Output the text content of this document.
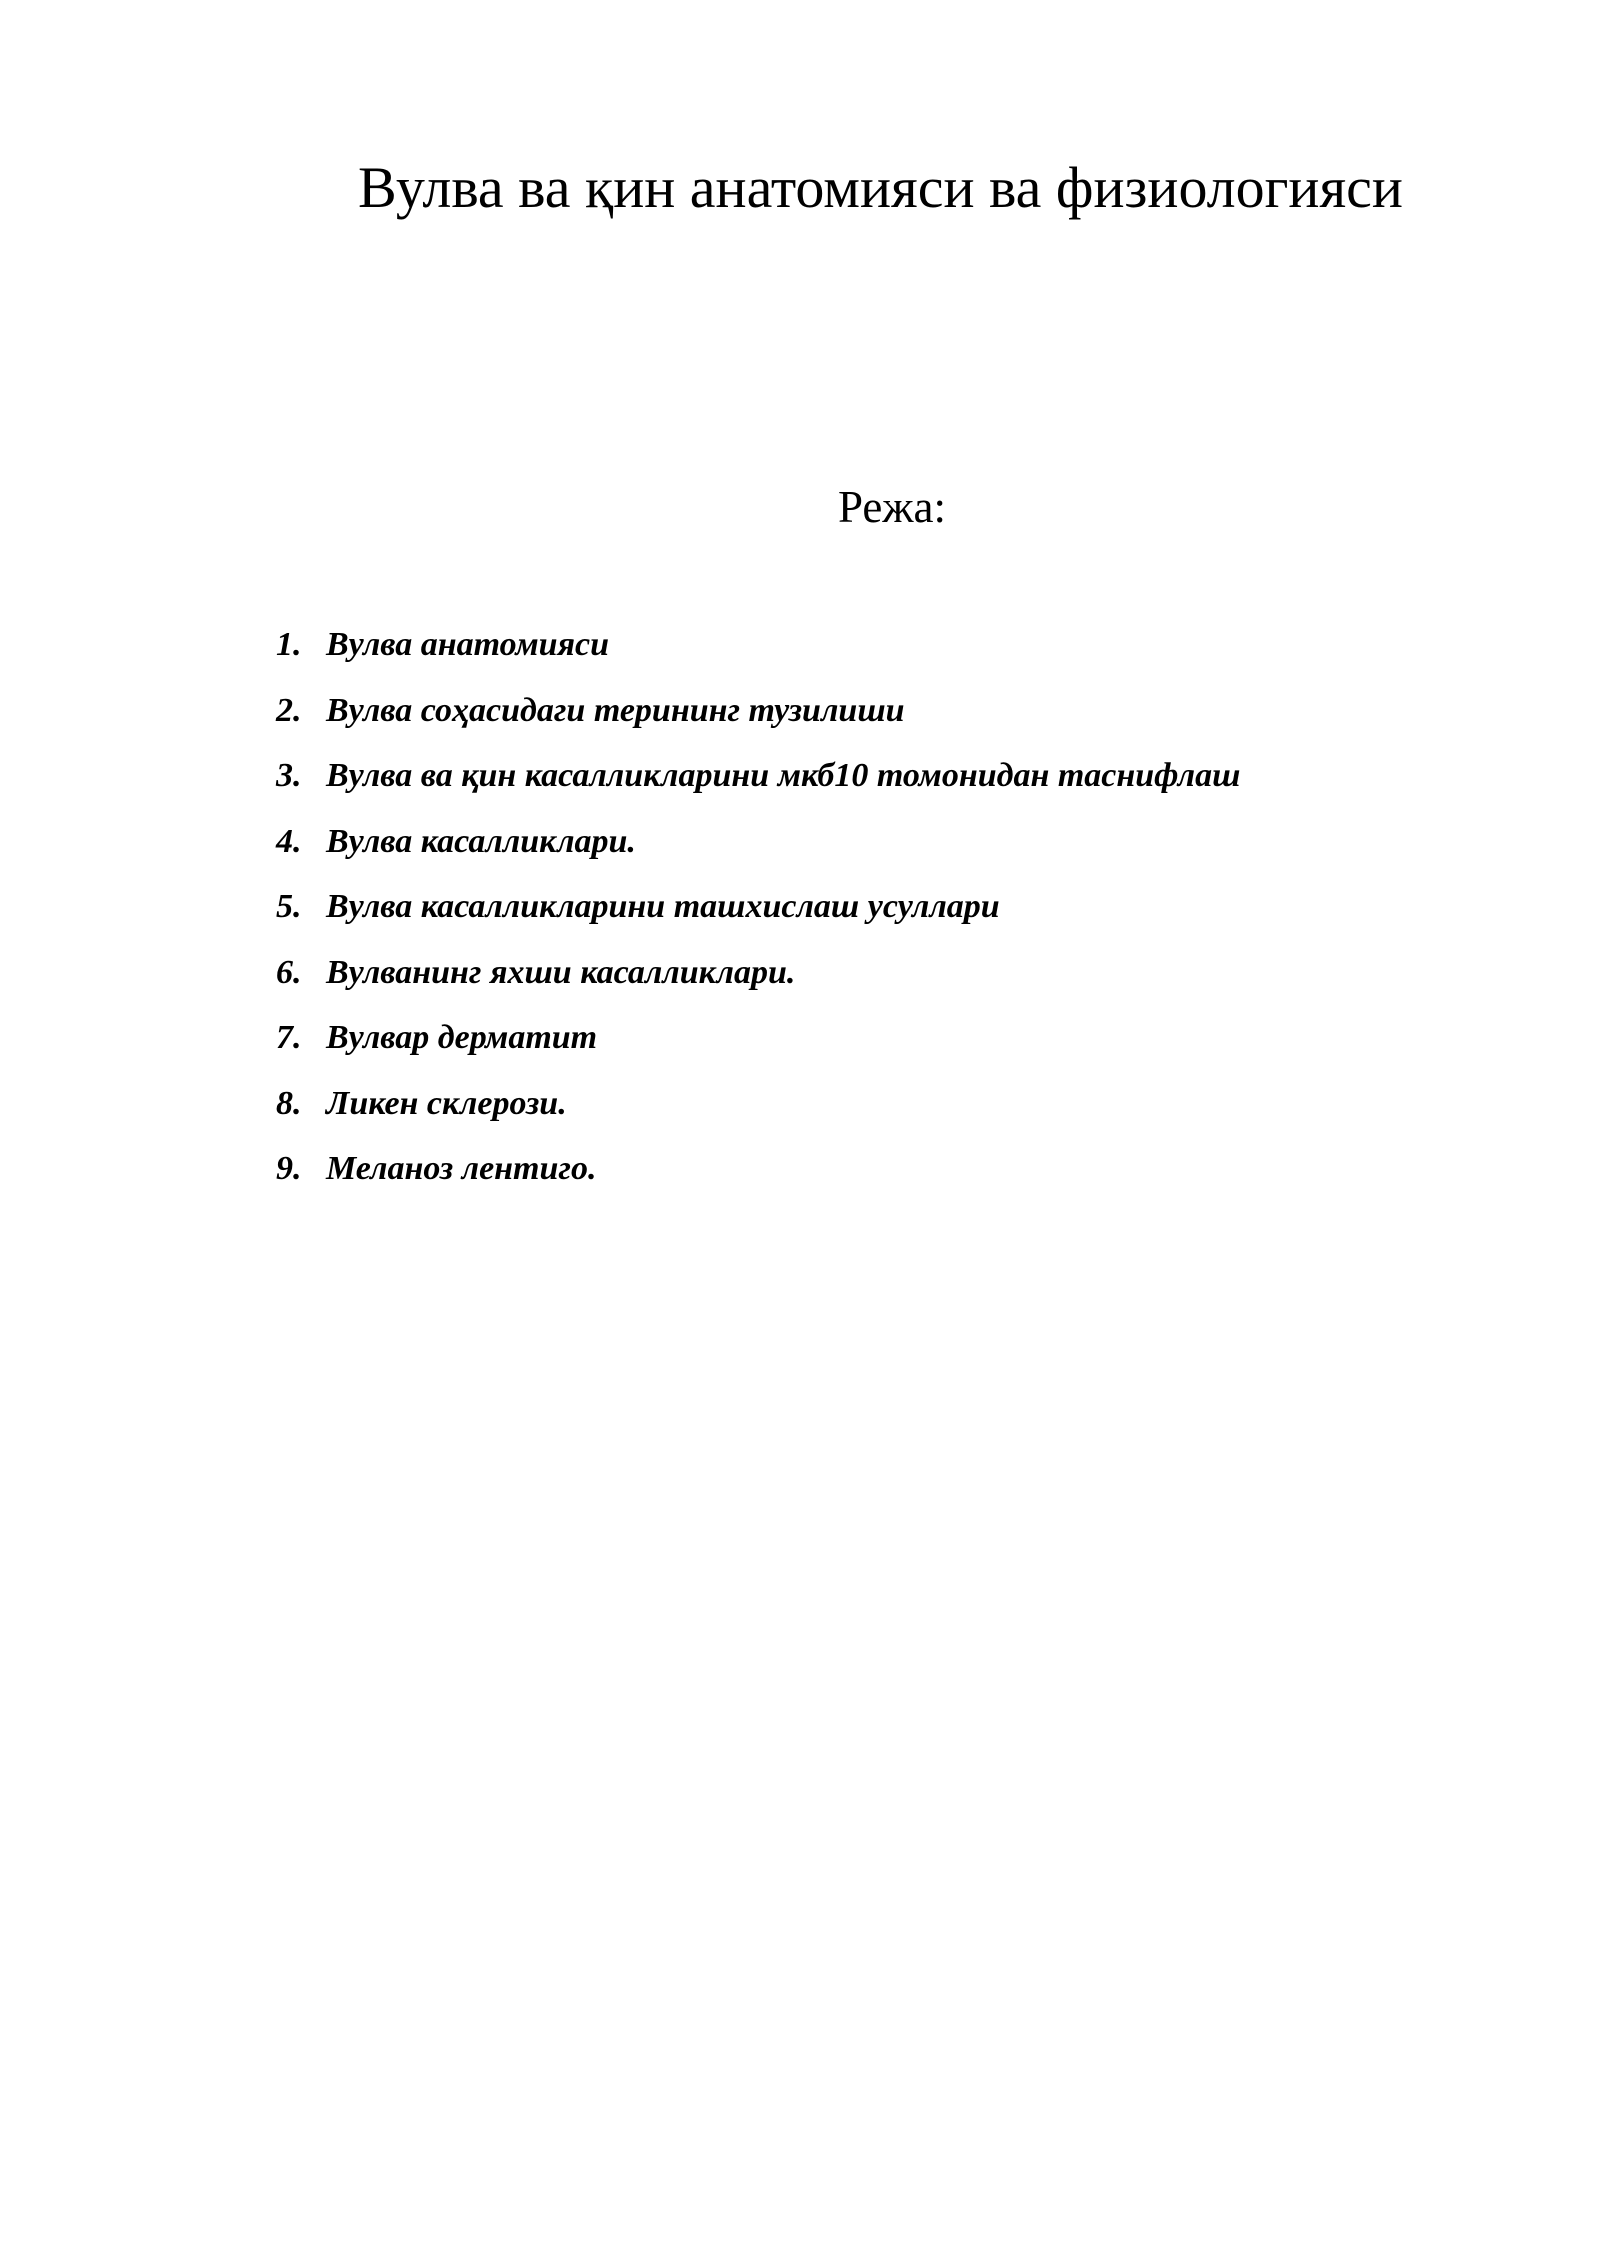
Вулва ва қин анатомияси ва физиологияси
Режа:
1. Вулва анатомияси
2. Вулва соҳасидаги терининг тузилиши
3. Вулва ва қин касалликларини мкб10 томонидан таснифлаш
4. Вулва касалликлари.
5. Вулва касалликларини ташхислаш усуллари
6. Вулванинг яхши касалликлари.
7. Вулвар дерматит
8. Ликен склерози.
9. Меланоз лентиго.
